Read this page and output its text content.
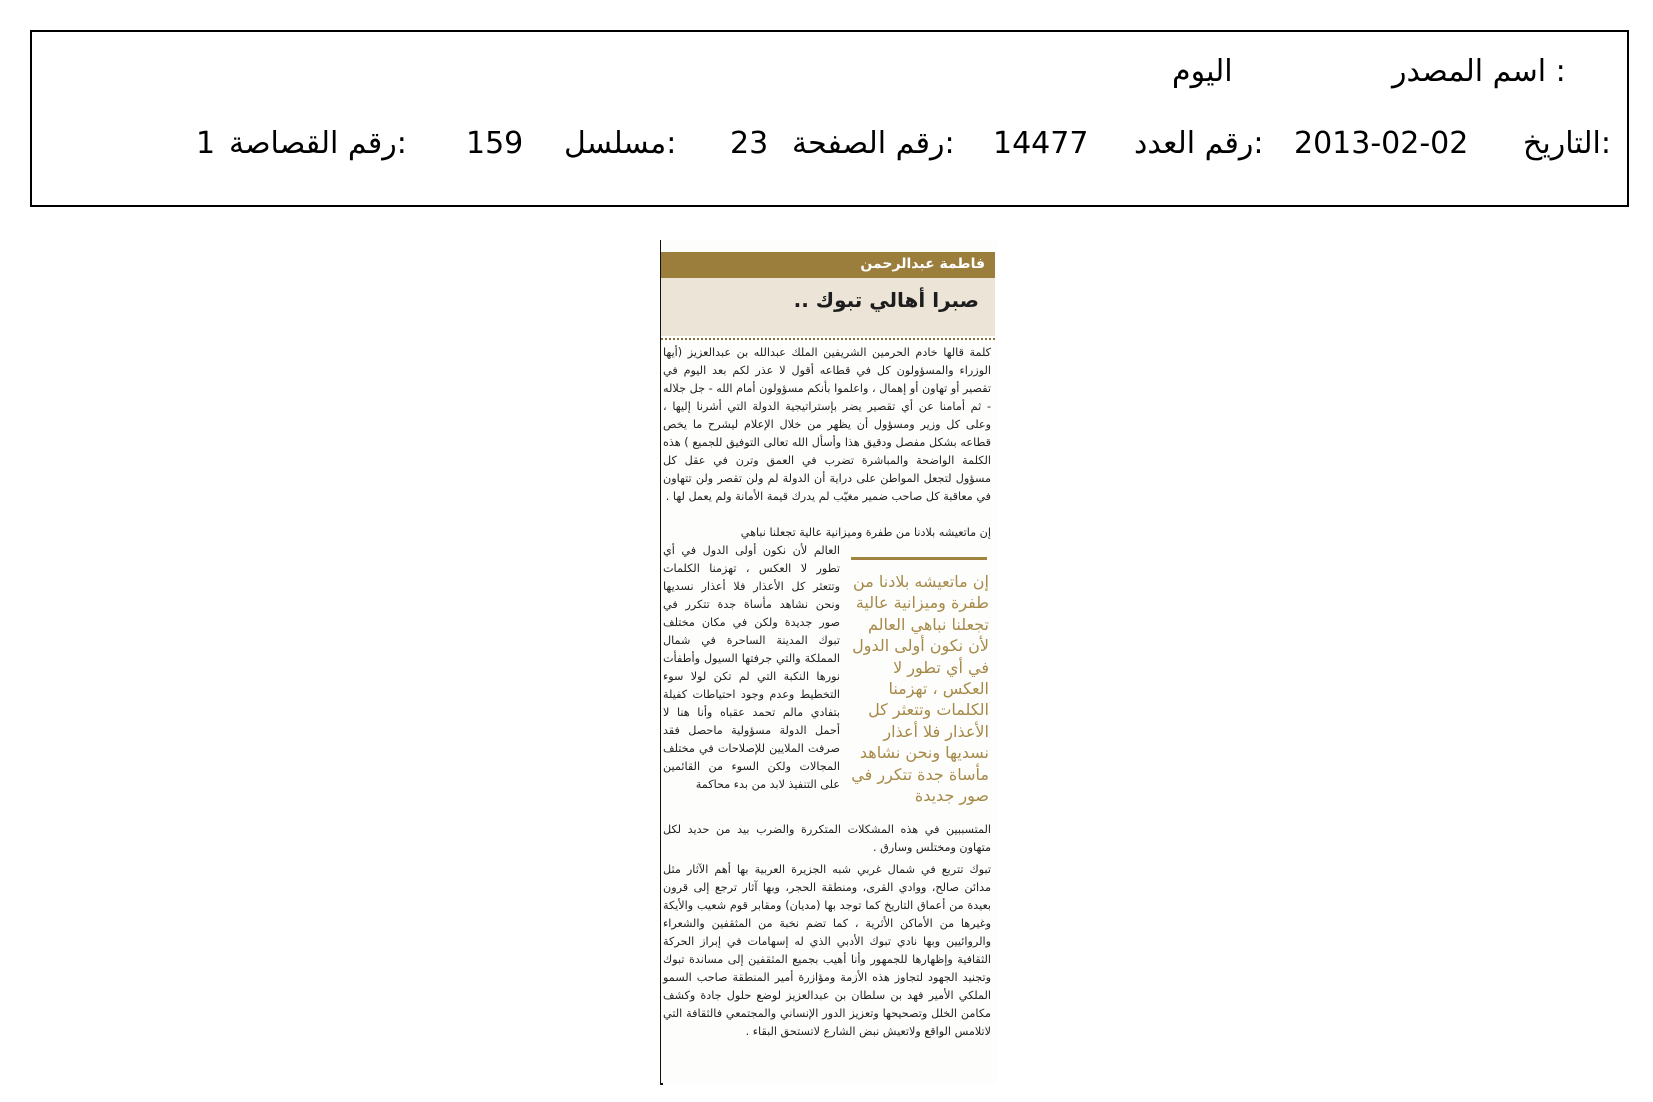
اسم المصدر :
اليوم
التاريخ:
2013-02-02
رقم العدد:
14477
رقم الصفحة:
23
مسلسل:
159
رقم القصاصة:
1
فاطمة عبدالرحمن
صبرا أهالي تبوك ..
كلمة قالها خادم الحرمين الشريفين الملك عبدالله بن عبدالعزيز (أيها الوزراء والمسؤولون كل في قطاعه أقول لا عذر لكم بعد اليوم في تقصير أو تهاون أو إهمال ، واعلموا بأنكم مسؤولون أمام الله - جل جلاله - ثم أمامنا عن أي تقصير يضر بإستراتيجية الدولة التي أشرنا إليها ، وعلى كل وزير ومسؤول أن يظهر من خلال الإعلام ليشرح ما يخص قطاعه بشكل مفصل ودقيق هذا وأسأل الله تعالى التوفيق للجميع ) هذه الكلمة الواضحة والمباشرة تضرب في العمق وترن في عقل كل مسؤول لتجعل المواطن على دراية أن الدولة لم ولن تقصر ولن تتهاون في معاقبة كل صاحب ضمير مغيّب لم يدرك قيمة الأمانة ولم يعمل لها .
إن ماتعيشه بلادنا من طفرة وميزانية عالية تجعلنا نباهي
إن ماتعيشه بلادنا من طفرة وميزانية عالية تجعلنا نباهي العالم لأن نكون أولى الدول في أي تطور لا العكس ، تهزمنا الكلمات وتتعثر كل الأعذار فلا أعذار نسديها ونحن نشاهد مأساة جدة تتكرر في صور جديدة
العالم لأن نكون أولى الدول في أي تطور لا العكس ، تهزمنا الكلمات وتتعثر كل الأعذار فلا أعذار نسديها ونحن نشاهد مأساة جدة تتكرر في صور جديدة ولكن في مكان مختلف تبوك المدينة الساحرة في شمال المملكة والتي جرفتها السيول وأطفأت نورها النكبة التي لم تكن لولا سوء التخطيط وعدم وجود احتياطات كفيلة بتفادي مالم تحمد عقباه وأنا هنا لا أحمل الدولة مسؤولية ماحصل فقد صرفت الملايين للإصلاحات في مختلف المجالات ولكن السوء من القائمين على التنفيذ لابد من بدء محاكمة
المتسببين في هذه المشكلات المتكررة والضرب بيد من حديد لكل متهاون ومختلس وسارق .
تبوك تتربع في شمال غربي شبه الجزيرة العربية بها أهم الآثار مثل مدائن صالح، ووادي القرى، ومنطقة الحجر، وبها آثار ترجع إلى قرون بعيدة من أعماق التاريخ كما توجد بها (مديان) ومقابر قوم شعيب والأيكة وغيرها من الأماكن الأثرية ، كما تضم نخبة من المثقفين والشعراء والروائيين وبها نادي تبوك الأدبي الذي له إسهامات في إبراز الحركة الثقافية وإظهارها للجمهور وأنا أهيب بجميع المثقفين إلى مساندة تبوك وتجنيد الجهود لتجاوز هذه الأزمة ومؤازرة أمير المنطقة صاحب السمو الملكي الأمير فهد بن سلطان بن عبدالعزيز لوضع حلول جادة وكشف مكامن الخلل وتصحيحها وتعزيز الدور الإنساني والمجتمعي فالثقافة التي لاتلامس الواقع ولاتعيش نبض الشارع لاتستحق البقاء .
